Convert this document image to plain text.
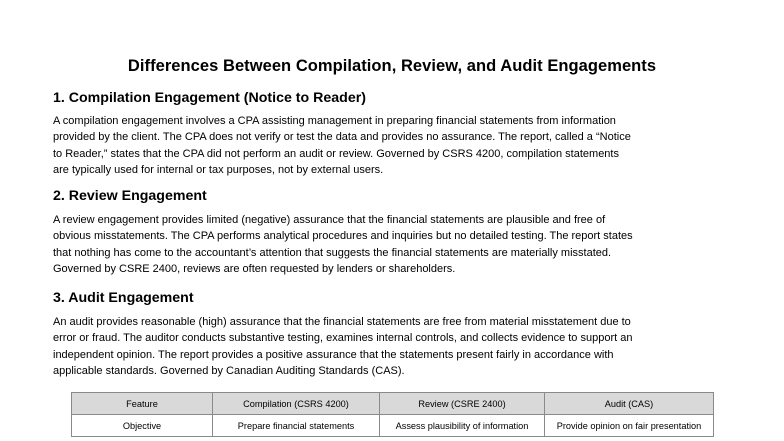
Differences Between Compilation, Review, and Audit Engagements
1. Compilation Engagement (Notice to Reader)
A compilation engagement involves a CPA assisting management in preparing financial statements from information
provided by the client. The CPA does not verify or test the data and provides no assurance. The report, called a “Notice
to Reader,” states that the CPA did not perform an audit or review. Governed by CSRS 4200, compilation statements
are typically used for internal or tax purposes, not by external users.
2. Review Engagement
A review engagement provides limited (negative) assurance that the financial statements are plausible and free of
obvious misstatements. The CPA performs analytical procedures and inquiries but no detailed testing. The report states
that nothing has come to the accountant’s attention that suggests the financial statements are materially misstated.
Governed by CSRE 2400, reviews are often requested by lenders or shareholders.
3. Audit Engagement
An audit provides reasonable (high) assurance that the financial statements are free from material misstatement due to
error or fraud. The auditor conducts substantive testing, examines internal controls, and collects evidence to support an
independent opinion. The report provides a positive assurance that the statements present fairly in accordance with
applicable standards. Governed by Canadian Auditing Standards (CAS).
Feature	Compilation (CSRS 4200)	Review (CSRE 2400)	Audit (CAS)
Objective	Prepare financial statements	Assess plausibility of information	Provide opinion on fair presentation
